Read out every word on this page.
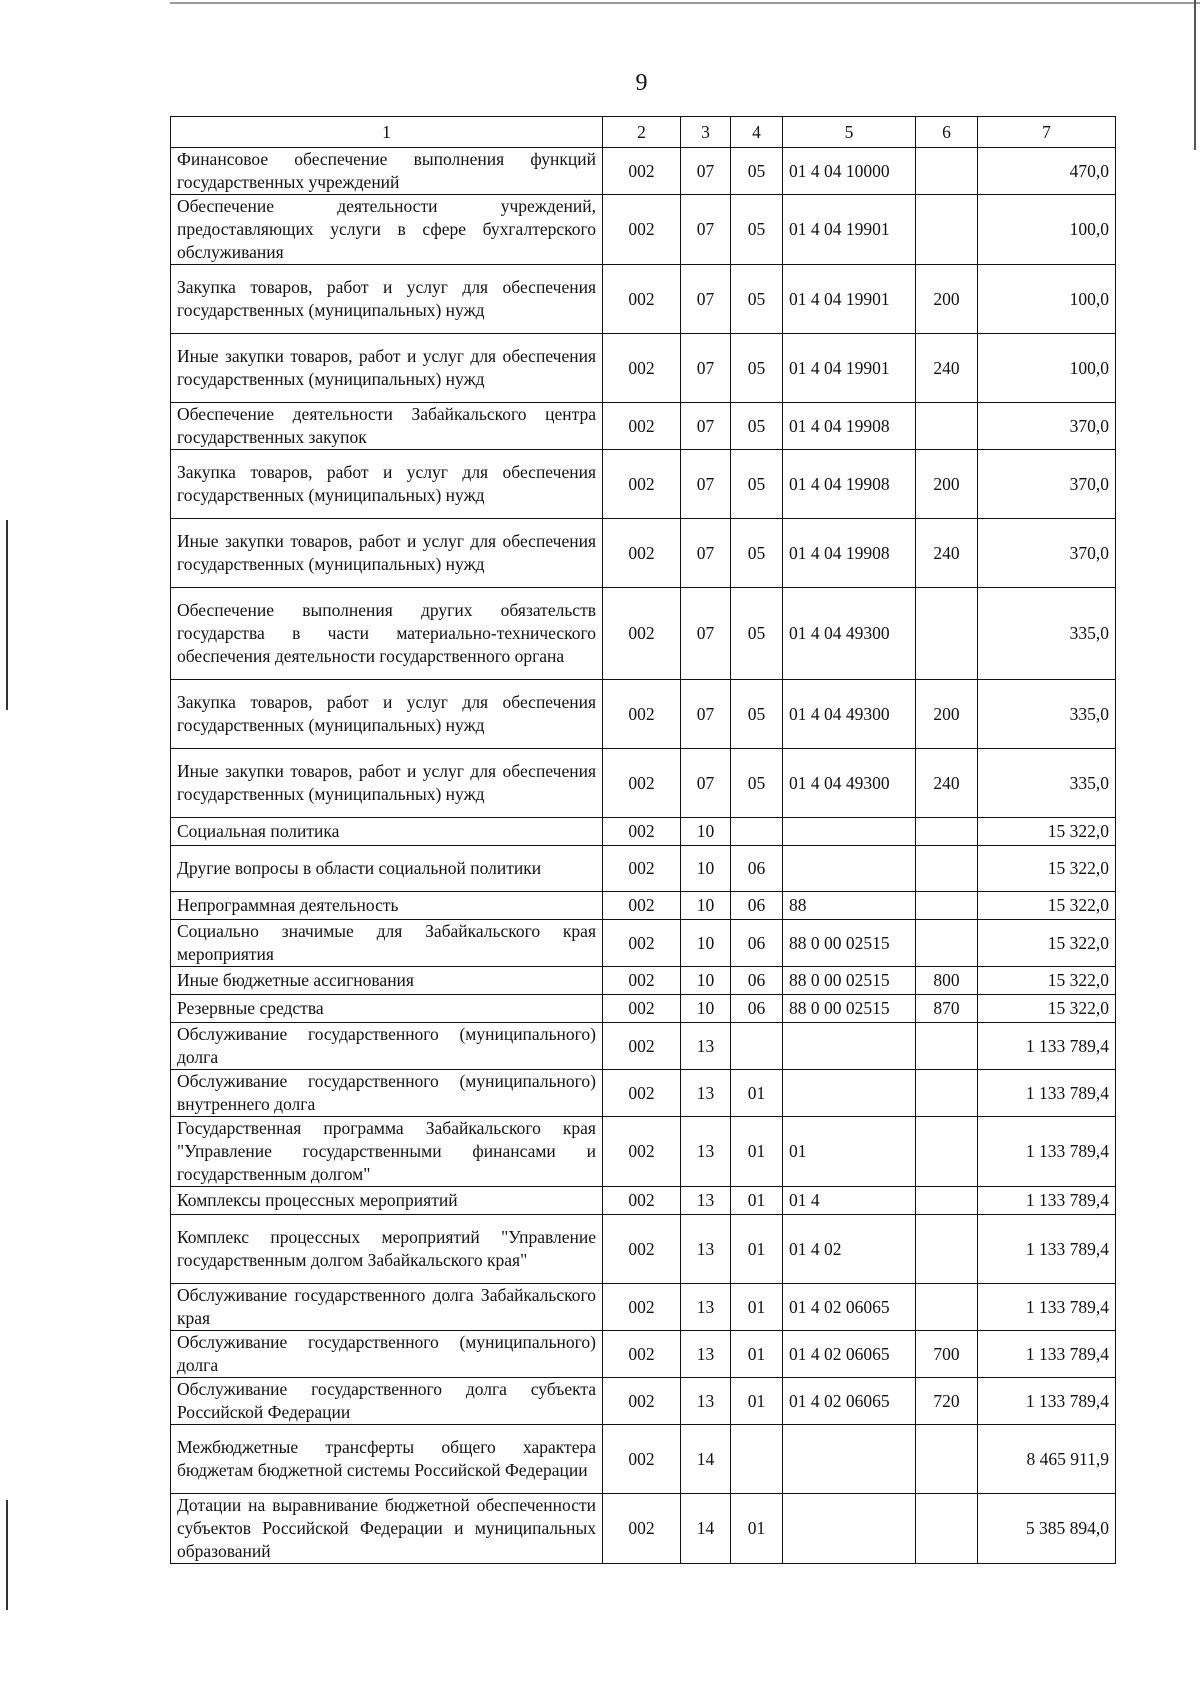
9
1	2	3	4	5	6	7
Финансовое обеспечение выполнения функций государственных учреждений	002	07	05	01 4 04 10000		470,0
Обеспечение деятельности учреждений, предоставляющих услуги в сфере бухгалтерского обслуживания	002	07	05	01 4 04 19901		100,0
Закупка товаров, работ и услуг для обеспечения государственных (муниципальных) нужд	002	07	05	01 4 04 19901	200	100,0
Иные закупки товаров, работ и услуг для обеспечения государственных (муниципальных) нужд	002	07	05	01 4 04 19901	240	100,0
Обеспечение деятельности Забайкальского центра государственных закупок	002	07	05	01 4 04 19908		370,0
Закупка товаров, работ и услуг для обеспечения государственных (муниципальных) нужд	002	07	05	01 4 04 19908	200	370,0
Иные закупки товаров, работ и услуг для обеспечения государственных (муниципальных) нужд	002	07	05	01 4 04 19908	240	370,0
Обеспечение выполнения других обязательств государства в части материально-технического обеспечения деятельности государственного органа	002	07	05	01 4 04 49300		335,0
Закупка товаров, работ и услуг для обеспечения государственных (муниципальных) нужд	002	07	05	01 4 04 49300	200	335,0
Иные закупки товаров, работ и услуг для обеспечения государственных (муниципальных) нужд	002	07	05	01 4 04 49300	240	335,0
Социальная политика	002	10				15 322,0
Другие вопросы в области социальной политики	002	10	06			15 322,0
Непрограммная деятельность	002	10	06	88		15 322,0
Социально значимые для Забайкальского края мероприятия	002	10	06	88 0 00 02515		15 322,0
Иные бюджетные ассигнования	002	10	06	88 0 00 02515	800	15 322,0
Резервные средства	002	10	06	88 0 00 02515	870	15 322,0
Обслуживание государственного (муниципального) долга	002	13				1 133 789,4
Обслуживание государственного (муниципального) внутреннего долга	002	13	01			1 133 789,4
Государственная программа Забайкальского края "Управление государственными финансами и государственным долгом"	002	13	01	01		1 133 789,4
Комплексы процессных мероприятий	002	13	01	01 4		1 133 789,4
Комплекс процессных мероприятий "Управление государственным долгом Забайкальского края"	002	13	01	01 4 02		1 133 789,4
Обслуживание государственного долга Забайкальского края	002	13	01	01 4 02 06065		1 133 789,4
Обслуживание государственного (муниципального) долга	002	13	01	01 4 02 06065	700	1 133 789,4
Обслуживание государственного долга субъекта Российской Федерации	002	13	01	01 4 02 06065	720	1 133 789,4
Межбюджетные трансферты общего характера бюджетам бюджетной системы Российской Федерации	002	14				8 465 911,9
Дотации на выравнивание бюджетной обеспеченности субъектов Российской Федерации и муниципальных образований	002	14	01			5 385 894,0
